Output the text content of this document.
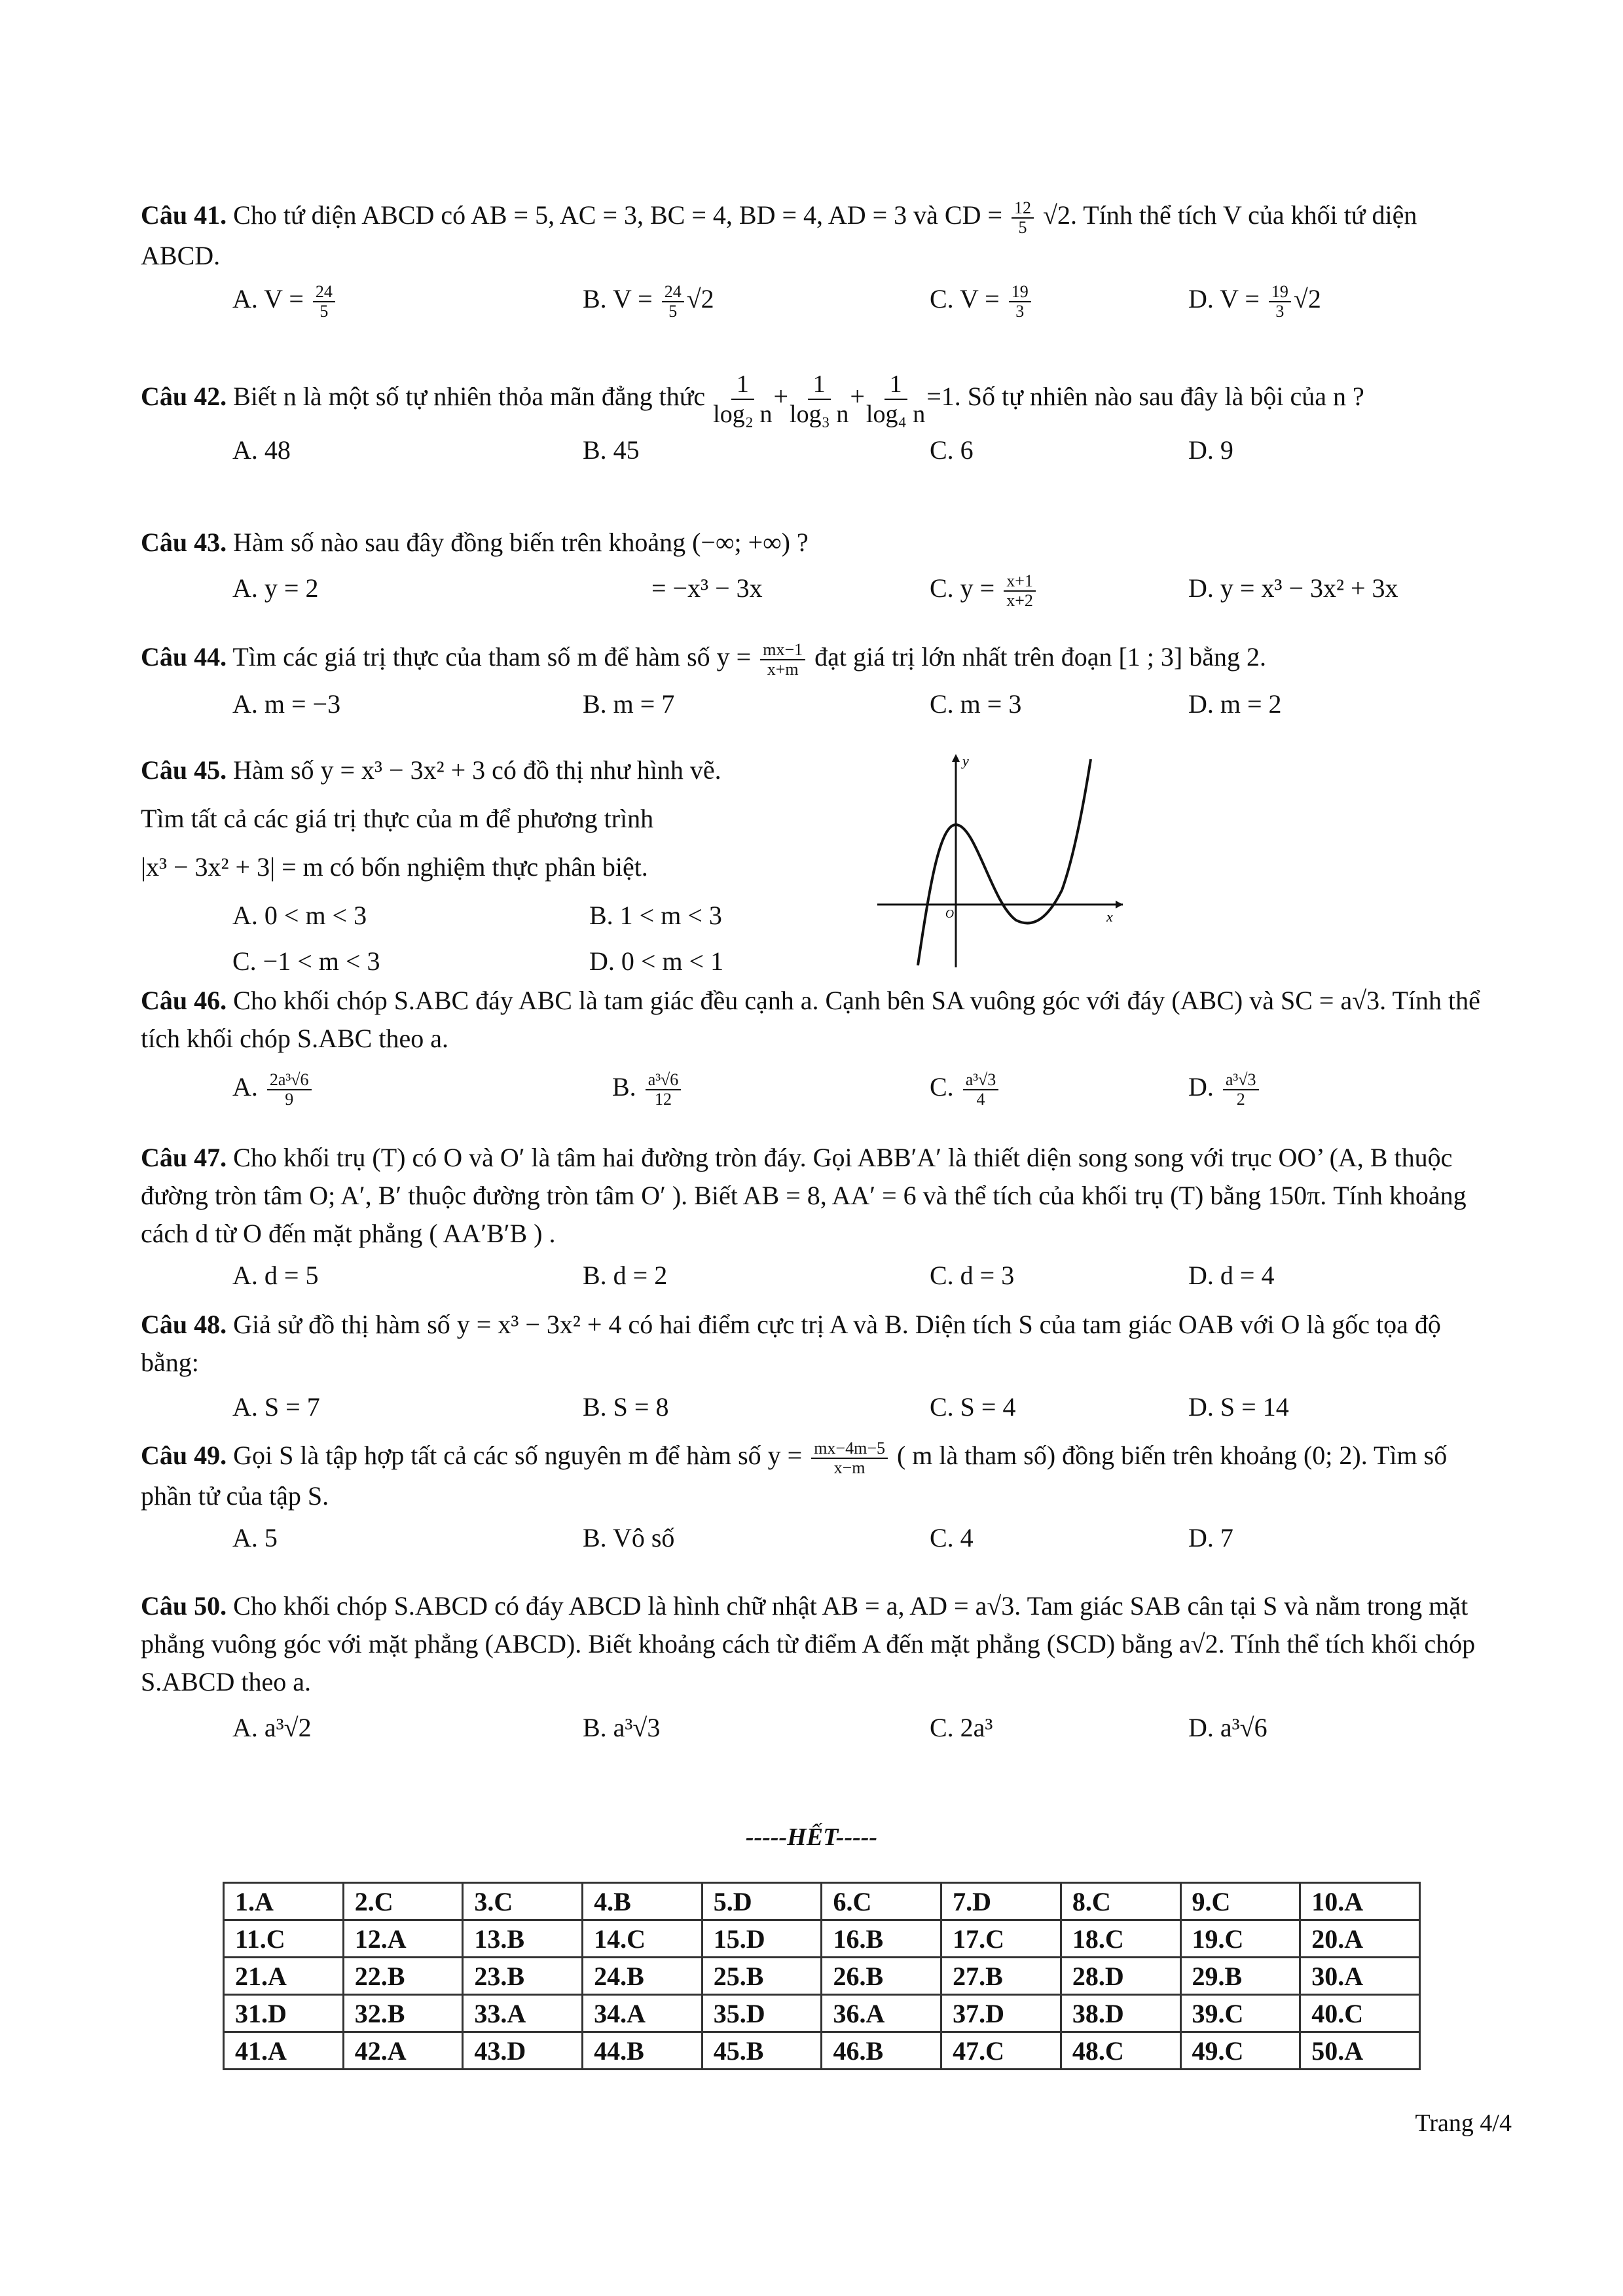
Câu 41. Cho tứ diện ABCD có AB = 5, AC = 3, BC = 4, BD = 4, AD = 3 và CD = $\frac{12}{5} √2$. Tính thể tích V của khối tứ diện ABCD.
A. $V = \frac{24}{5}$	B. $V = \frac{24}{5} √2$	C. $V = \frac{19}{3}$	D. $V = \frac{19}{3} √2$
Câu 42. Biết n là một số tự nhiên thỏa mãn đẳng thức $\frac{1}{\text{log₂ n}} + \frac{1}{\text{log₃ n}} + \frac{1}{\text{log₄ n}} =1$. Số tự nhiên nào sau đây là bội của n ?
A. 48	B. 45	C. 6	D. 9
Câu 43. Hàm số nào sau đây đồng biến trên khoảng (−∞; +∞) ?
A. y = 2	= −x³ − 3x	C. $y = \frac{x+1}{x+2}$	D. y = x³ − 3x² + 3x
Câu 44. Tìm các giá trị thực của tham số m để hàm số $y = \frac{mx-1}{x+m}$ đạt giá trị lớn nhất trên đoạn [1 ; 3] bằng 2.
A. m = −3	B. m = 7	C. m = 3	D. m = 2
Câu 45. Hàm số y = x³ − 3x² + 3 có đồ thị như hình vẽ.
Tìm tất cả các giá trị thực của m để phương trình
|x³ − 3x² + 3| = m có bốn nghiệm thực phân biệt.
A. 0 < m < 3	B. 1 < m < 3
C. −1 < m < 3	D. 0 < m < 1
y
x
O
Câu 46. Cho khối chóp S.ABC đáy ABC là tam giác đều cạnh a. Cạnh bên SA vuông góc với đáy (ABC) và SC = a√3. Tính thể tích khối chóp S.ABC theo a.
A. $\frac{\text{2a³√6}}{9}$	B. $\frac{\text{a³√6}}{12}$	C. $\frac{\text{a³√3}}{4}$	D. $\frac{\text{a³√3}}{2}$
Câu 47. Cho khối trụ (T) có O và O′ là tâm hai đường tròn đáy. Gọi ABB′A′ là thiết diện song song với trục OO’ (A, B thuộc đường tròn tâm O; A′, B′ thuộc đường tròn tâm O′ ). Biết AB = 8, AA′ = 6 và thể tích của khối trụ (T) bằng 150π. Tính khoảng cách d từ O đến mặt phẳng ( AA′B′B ) .
A. d = 5	B. d = 2	C. d = 3	D. d = 4
Câu 48. Giả sử đồ thị hàm số y = x³ − 3x² + 4 có hai điểm cực trị A và B. Diện tích S của tam giác OAB với O là gốc tọa độ bằng:
A. S = 7	B. S = 8	C. S = 4	D. S = 14
Câu 49. Gọi S là tập hợp tất cả các số nguyên m để hàm số $y = \frac{mx-4m-5}{x-m}$ ( m là tham số) đồng biến trên khoảng (0; 2). Tìm số phần tử của tập S.
A. 5	B. Vô số	C. 4	D. 7
Câu 50. Cho khối chóp S.ABCD có đáy ABCD là hình chữ nhật AB = a, AD = a√3. Tam giác SAB cân tại S và nằm trong mặt phẳng vuông góc với mặt phẳng (ABCD). Biết khoảng cách từ điểm A đến mặt phẳng (SCD) bằng a√2. Tính thể tích khối chóp S.ABCD theo a.
A. a³√2	B. a³√3	C. 2a³	D. a³√6
-----HẾT-----
1.A	2.C	3.C	4.B	5.D	6.C	7.D	8.C	9.C	10.A
11.C	12.A	13.B	14.C	15.D	16.B	17.C	18.C	19.C	20.A
21.A	22.B	23.B	24.B	25.B	26.B	27.B	28.D	29.B	30.A
31.D	32.B	33.A	34.A	35.D	36.A	37.D	38.D	39.C	40.C
41.A	42.A	43.D	44.B	45.B	46.B	47.C	48.C	49.C	50.A
Trang 4/4
